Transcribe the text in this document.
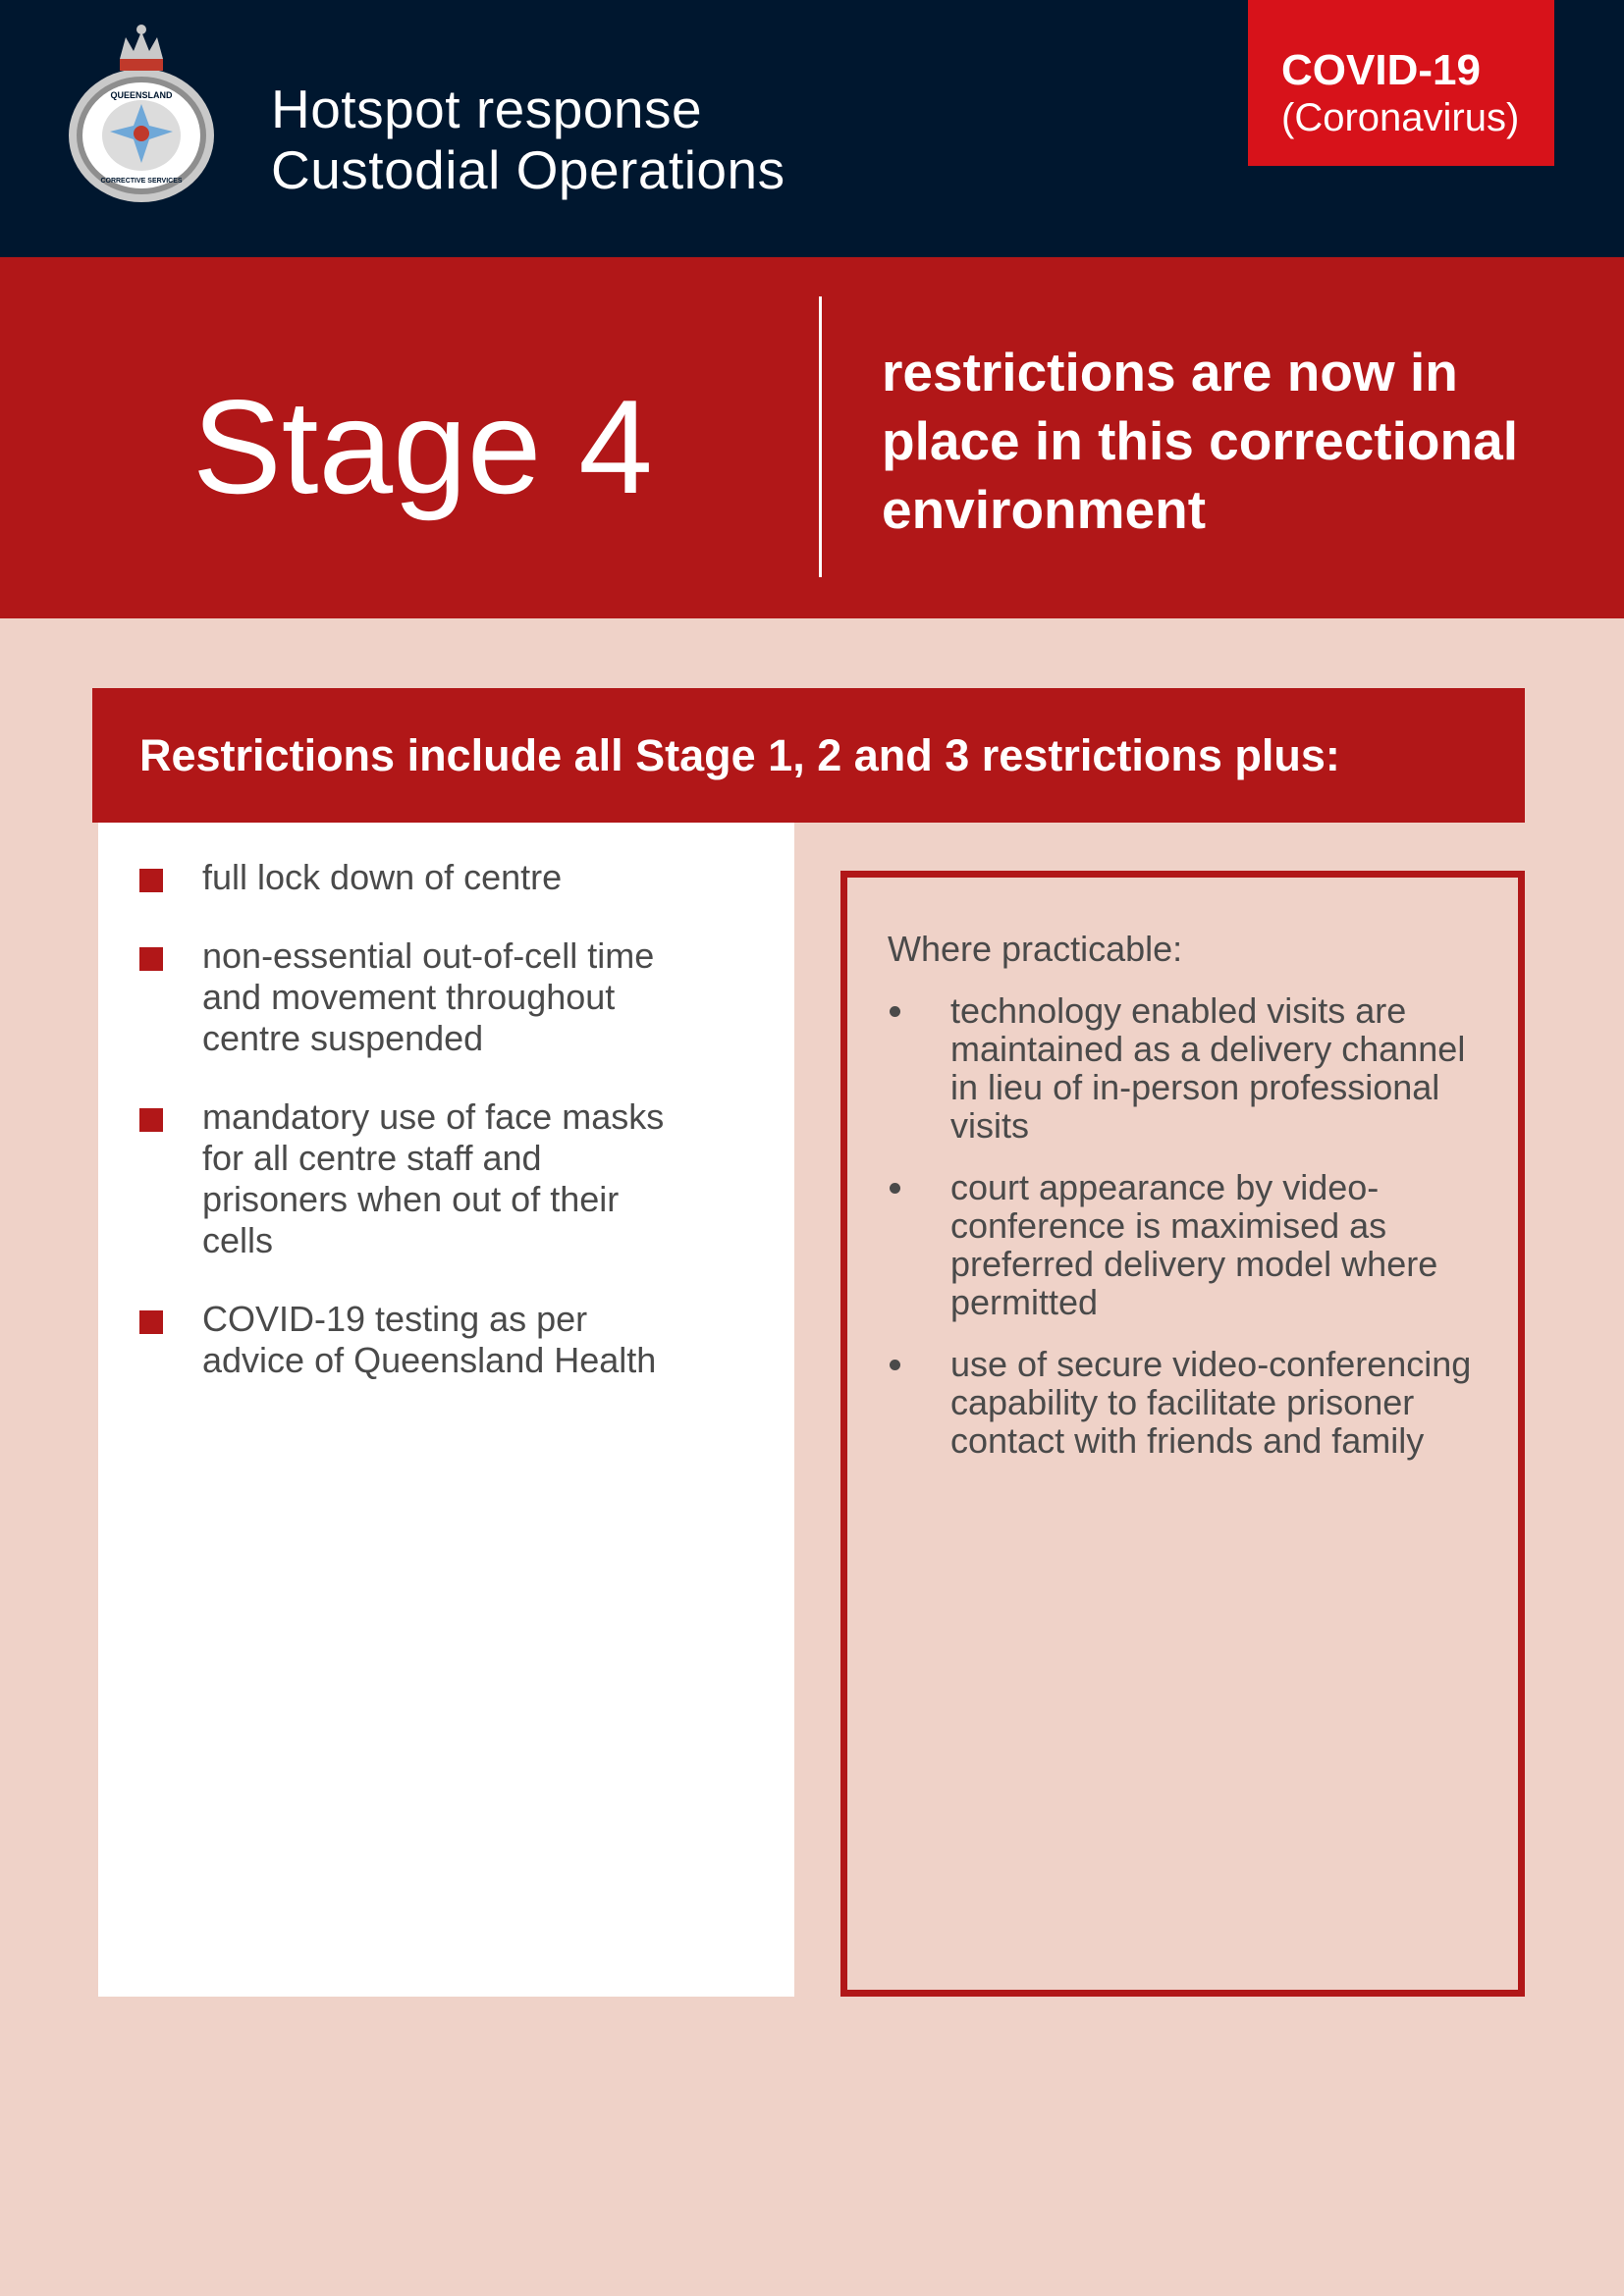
QUEENSLAND
CORRECTIVE SERVICES
Hotspot response
Custodial Operations
COVID-19
(Coronavirus)
Stage 4	restrictions are now in place in this correctional environment
Restrictions include all Stage 1, 2 and 3 restrictions plus:
full lock down of centre
non-essential out-of-cell time and movement throughout centre suspended
mandatory use of face masks for all centre staff and prisoners when out of their cells
COVID-19 testing as per advice of Queensland Health
Where practicable:
technology enabled visits are maintained as a delivery channel in lieu of in-person professional visits
court appearance by video-conference is maximised as preferred delivery model where permitted
use of secure video-conferencing capability to facilitate prisoner contact with friends and family
